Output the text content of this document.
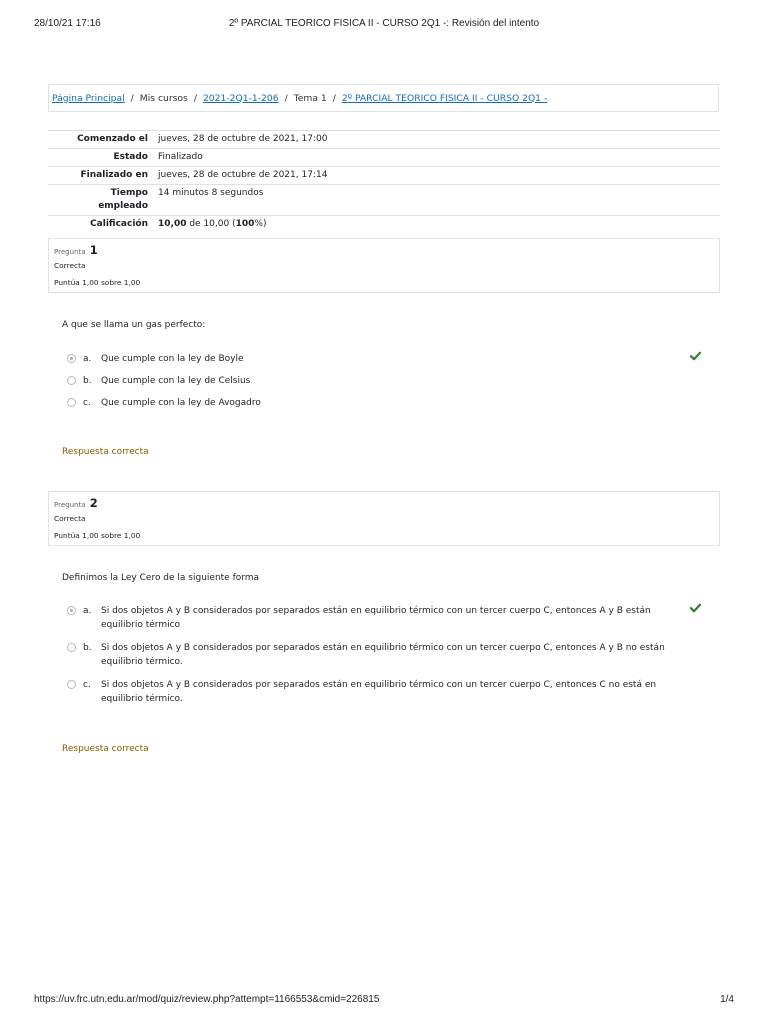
28/10/21 17:16	2º PARCIAL TEORICO FISICA II - CURSO 2Q1 -: Revisión del intento
Página Principal / Mis cursos / 2021-2Q1-1-206 / Tema 1 / 2º PARCIAL TEORICO FISICA II - CURSO 2Q1 -
Comenzado el	jueves, 28 de octubre de 2021, 17:00
Estado	Finalizado
Finalizado en	jueves, 28 de octubre de 2021, 17:14

Tiempo
empleado	14 minutos 8 segundos
Calificación	10,00 de 10,00 (100%)
Pregunta 1
Correcta
Puntúa 1,00 sobre 1,00
A que se llama un gas perfecto:
a. Que cumple con la ley de Boyle
b. Que cumple con la ley de Celsius
c. Que cumple con la ley de Avogadro
Respuesta correcta
Pregunta 2
Correcta
Puntúa 1,00 sobre 1,00
Definimos la Ley Cero de la siguiente forma
a. Si dos objetos A y B considerados por separados están en equilibrio térmico con un tercer cuerpo C, entonces A y B están equilibrio térmico
b. Si dos objetos A y B considerados por separados están en equilibrio térmico con un tercer cuerpo C, entonces A y B no están equilibrio térmico.
c. Si dos objetos A y B considerados por separados están en equilibrio térmico con un tercer cuerpo C, entonces C no está en equilibrio térmico.
Respuesta correcta
https://uv.frc.utn.edu.ar/mod/quiz/review.php?attempt=1166553&cmid=226815	1/4
